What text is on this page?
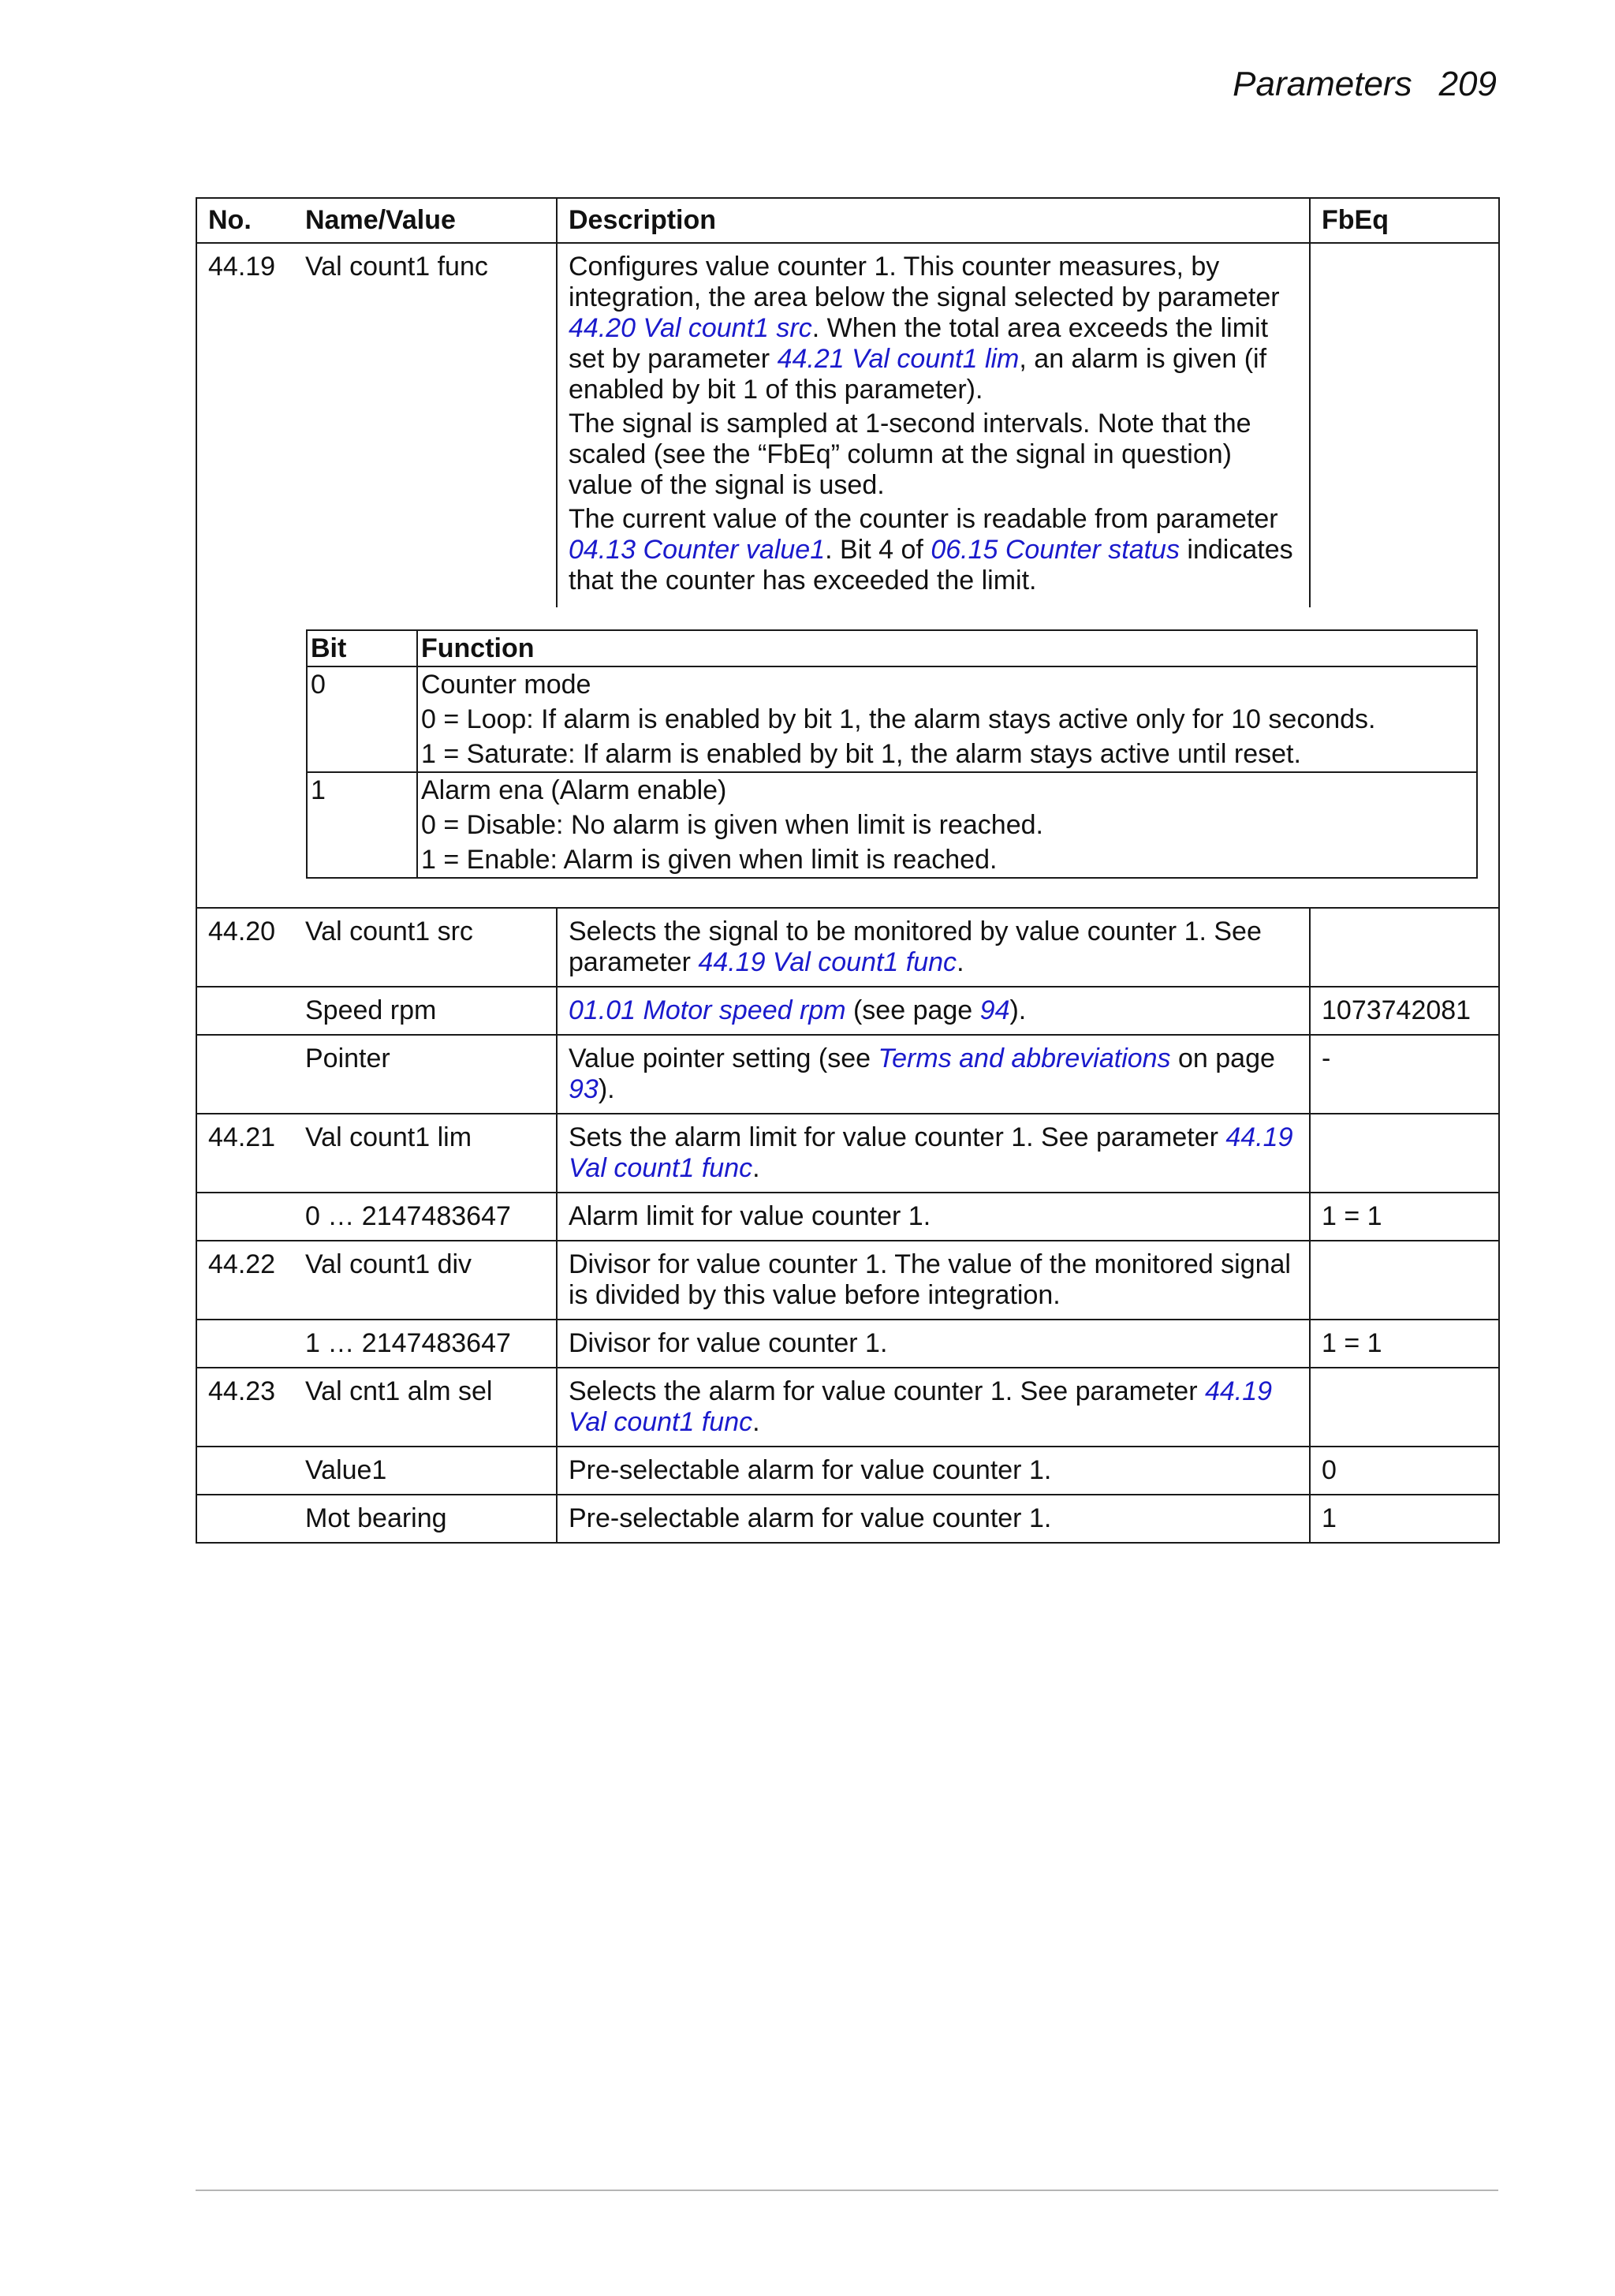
Parameters 209
No.	Name/Value	Description	FbEq
44.19	Val count1 func	Configures value counter 1. This counter measures, by integration, the area below the signal selected by parameter 44.20 Val count1 src. When the total area exceeds the limit set by parameter 44.21 Val count1 lim, an alarm is given (if enabled by bit 1 of this parameter).

The signal is sampled at 1-second intervals. Note that the scaled (see the “FbEq” column at the signal in question) value of the signal is used.

The current value of the counter is readable from parameter 04.13 Counter value1. Bit 4 of 06.15 Counter status indicates that the counter has exceeded the limit.

Bit	Function
0	Counter mode
0 = Loop: If alarm is enabled by bit 1, the alarm stays active only for 10 seconds.
1 = Saturate: If alarm is enabled by bit 1, the alarm stays active until reset.

1	Alarm ena (Alarm enable)
0 = Disable: No alarm is given when limit is reached.
1 = Enable: Alarm is given when limit is reached.

44.20	Val count1 src	Selects the signal to be monitored by value counter 1. See parameter 44.19 Val count1 func.	
	Speed rpm	01.01 Motor speed rpm (see page 94).	1073742081
	Pointer	Value pointer setting (see Terms and abbreviations on page 93).	-
44.21	Val count1 lim	Sets the alarm limit for value counter 1. See parameter 44.19 Val count1 func.	
	0 … 2147483647	Alarm limit for value counter 1.	1 = 1
44.22	Val count1 div	Divisor for value counter 1. The value of the monitored signal is divided by this value before integration.	
	1 … 2147483647	Divisor for value counter 1.	1 = 1
44.23	Val cnt1 alm sel	Selects the alarm for value counter 1. See parameter 44.19 Val count1 func.	
	Value1	Pre-selectable alarm for value counter 1.	0
	Mot bearing	Pre-selectable alarm for value counter 1.	1
